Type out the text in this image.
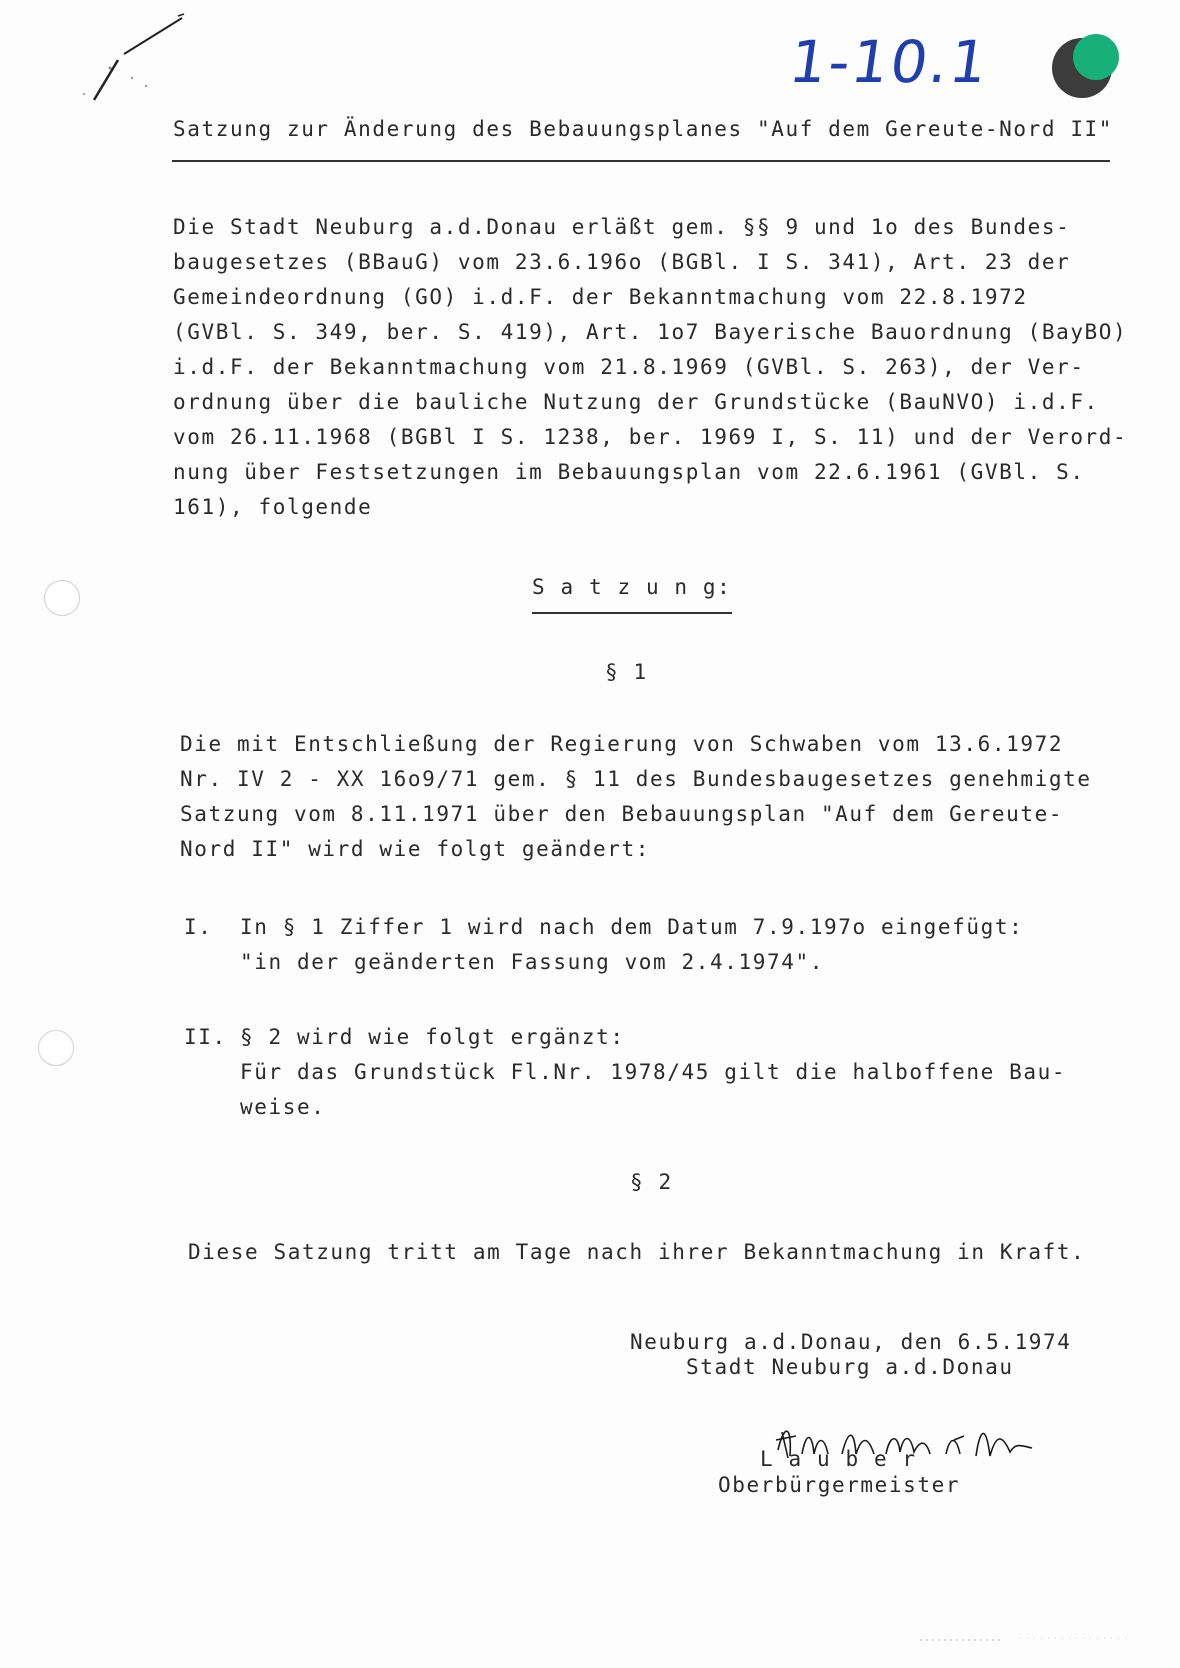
1-10.1
Satzung zur Änderung des Bebauungsplanes "Auf dem Gereute-Nord II"
Die Stadt Neuburg a.d.Donau erläßt gem. §§ 9 und 1o des Bundes-
baugesetzes (BBauG) vom 23.6.196o (BGBl. I S. 341), Art. 23 der
Gemeindeordnung (GO) i.d.F. der Bekanntmachung vom 22.8.1972
(GVBl. S. 349, ber. S. 419), Art. 1o7 Bayerische Bauordnung (BayBO)
i.d.F. der Bekanntmachung vom 21.8.1969 (GVBl. S. 263), der Ver-
ordnung über die bauliche Nutzung der Grundstücke (BauNVO) i.d.F.
vom 26.11.1968 (BGBl I S. 1238, ber. 1969 I, S. 11) und der Verord-
nung über Festsetzungen im Bebauungsplan vom 22.6.1961 (GVBl. S.
161), folgende
S a t z u n g:
§ 1
Die mit Entschließung der Regierung von Schwaben vom 13.6.1972
Nr. IV 2 - XX 16o9/71 gem. § 11 des Bundesbaugesetzes genehmigte
Satzung vom 8.11.1971 über den Bebauungsplan "Auf dem Gereute-
Nord II" wird wie folgt geändert:
I. In § 1 Ziffer 1 wird nach dem Datum 7.9.197o eingefügt:
"in der geänderten Fassung vom 2.4.1974".
II. § 2 wird wie folgt ergänzt:
Für das Grundstück Fl.Nr. 1978/45 gilt die halboffene Bau-
weise.
§ 2
Diese Satzung tritt am Tage nach ihrer Bekanntmachung in Kraft.
Neuburg a.d.Donau, den 6.5.1974
Stadt Neuburg a.d.Donau
L a u b e r
Oberbürgermeister
